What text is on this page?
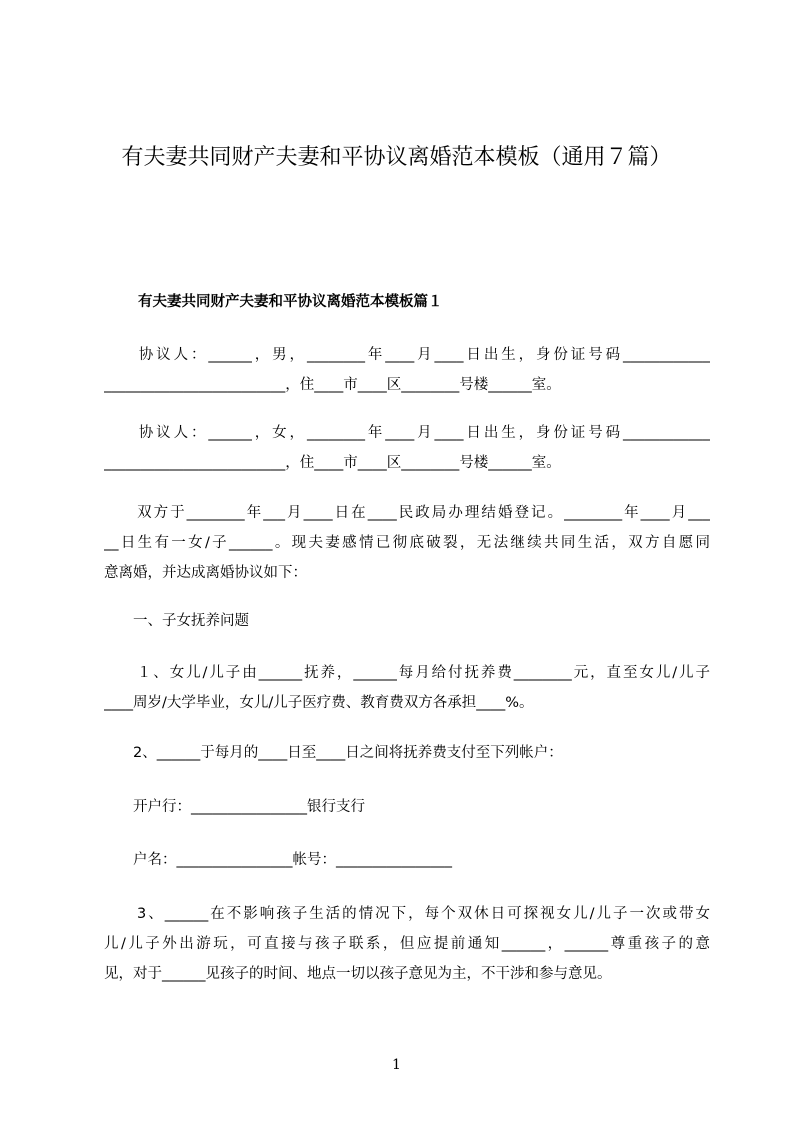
有夫妻共同财产夫妻和平协议离婚范本模板（通用７篇）
有夫妻共同财产夫妻和平协议离婚范本模板篇１
　　协议人：______，男，________年____月____日出生，身份证号码____________
_________________________，住____市____区________号楼______室。
　　协议人：______，女，________年____月____日出生，身份证号码____________
_________________________，住____市____区________号楼______室。
　　双方于________年___月____日在____民政局办理结婚登记。________年____月___
__日生有一女/子______。现夫妻感情已彻底破裂，无法继续共同生活，双方自愿同
意离婚，并达成离婚协议如下：
　　一、子女抚养问题
　　１、女儿/儿子由______抚养，______每月给付抚养费________元，直至女儿/儿子
____周岁/大学毕业，女儿/儿子医疗费、教育费双方各承担____%。
　　2、______于每月的____日至____日之间将抚养费支付至下列帐户：
　　开户行：________________银行支行
　　户名：________________帐号：________________
　　3、______在不影响孩子生活的情况下，每个双休日可探视女儿/儿子一次或带女
儿/儿子外出游玩，可直接与孩子联系，但应提前通知______，______尊重孩子的意
见，对于______见孩子的时间、地点一切以孩子意见为主，不干涉和参与意见。
1
